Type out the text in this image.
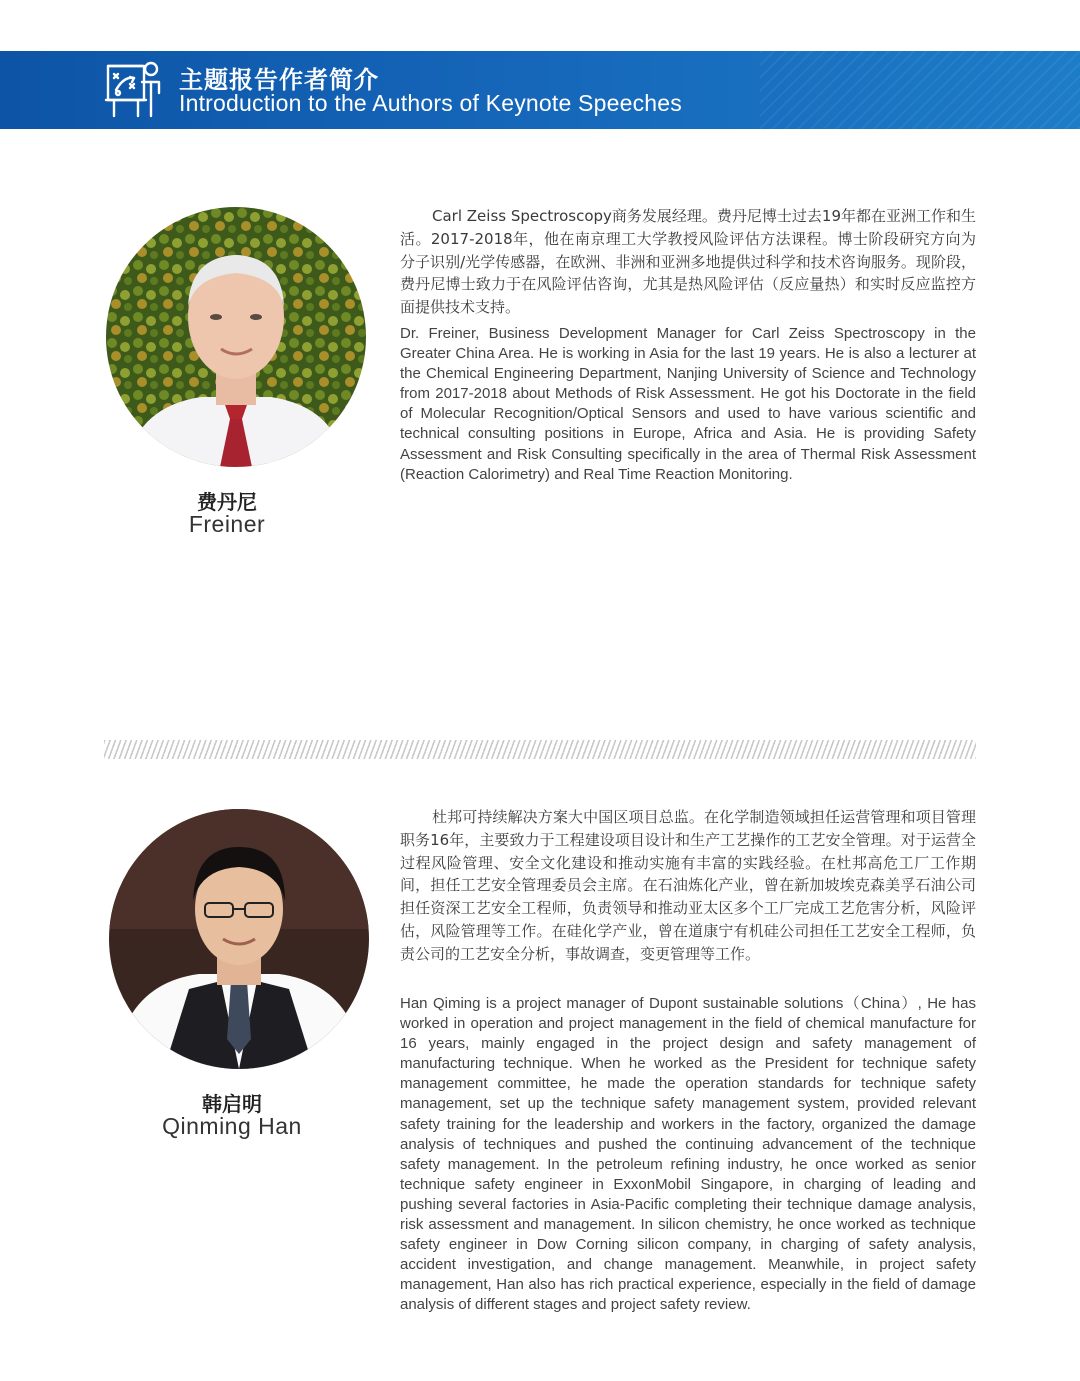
主题报告作者简介
Introduction to the Authors of Keynote Speeches
费丹尼
Freiner

Carl Zeiss Spectroscopy商务发展经理。费丹尼博士过去19年都在亚洲工作和生活。2017-2018年，他在南京理工大学教授风险评估方法课程。博士阶段研究方向为分子识别/光学传感器，在欧洲、非洲和亚洲多地提供过科学和技术咨询服务。现阶段，费丹尼博士致力于在风险评估咨询，尤其是热风险评估（反应量热）和实时反应监控方面提供技术支持。

Dr. Freiner, Business Development Manager for Carl Zeiss Spectroscopy in the Greater China Area. He is working in Asia for the last 19 years. He is also a lecturer at the Chemical Engineering Department, Nanjing University of Science and Technology from 2017-2018 about Methods of Risk Assessment. He got his Doctorate in the field of Molecular Recognition/Optical Sensors and used to have various scientific and technical consulting positions in Europe, Africa and Asia. He is providing Safety Assessment and Risk Consulting specifically in the area of Thermal Risk Assessment (Reaction Calorimetry) and Real Time Reaction Monitoring.

韩启明
Qinming Han

杜邦可持续解决方案大中国区项目总监。在化学制造领域担任运营管理和项目管理职务16年，主要致力于工程建设项目设计和生产工艺操作的工艺安全管理。对于运营全过程风险管理、安全文化建设和推动实施有丰富的实践经验。在杜邦高危工厂工作期间，担任工艺安全管理委员会主席。在石油炼化产业，曾在新加坡埃克森美孚石油公司担任资深工艺安全工程师，负责领导和推动亚太区多个工厂完成工艺危害分析，风险评估，风险管理等工作。在硅化学产业，曾在道康宁有机硅公司担任工艺安全工程师，负责公司的工艺安全分析，事故调查，变更管理等工作。

Han Qiming is a project manager of Dupont sustainable solutions（China）, He has worked in operation and project management in the field of chemical manufacture for 16 years, mainly engaged in the project design and safety management of manufacturing technique. When he worked as the President for technique safety management committee, he made the operation standards for technique safety management, set up the technique safety management system, provided relevant safety training for the leadership and workers in the factory, organized the damage analysis of techniques and pushed the continuing advancement of the technique safety management. In the petroleum refining industry, he once worked as senior technique safety engineer in ExxonMobil Singapore, in charging of leading and pushing several factories in Asia-Pacific completing their technique damage analysis, risk assessment and management. In silicon chemistry, he once worked as technique safety engineer in Dow Corning silicon company, in charging of safety analysis, accident investigation, and change management. Meanwhile, in project safety management, Han also has rich practical experience, especially in the field of damage analysis of different stages and project safety review.
